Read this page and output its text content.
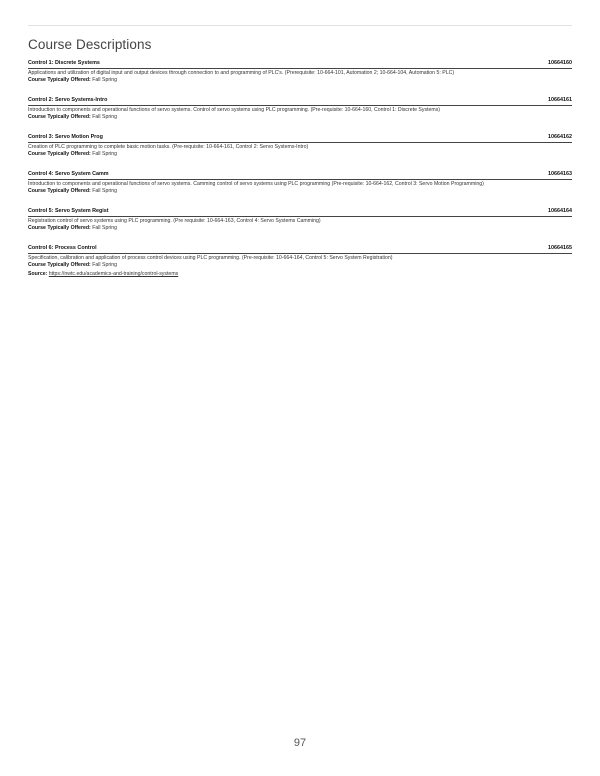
Course Descriptions
Control 1: Discrete Systems	10664160
Applications and utilization of digital input and output devices through connection to and programming of PLC's. (Prerequisite: 10-664-101, Automation 2; 10-664-104, Automation 5: PLC)
Course Typically Offered: Fall Spring
Control 2: Servo Systems-Intro	10664161
Introduction to components and operational functions of servo systems. Control of servo systems using PLC programming. (Pre-requisite: 10-664-160, Control 1: Discrete Systems)
Course Typically Offered: Fall Spring
Control 3: Servo Motion Prog	10664162
Creation of PLC programming to complete basic motion tasks. (Pre-requisite: 10-664-161, Control 2: Servo Systems-Intro)
Course Typically Offered: Fall Spring
Control 4: Servo System Camm	10664163
Introduction to components and operational functions of servo systems. Camming control of servo systems using PLC programming (Pre-requisite: 10-664-162, Control 3: Servo Motion Programming)
Course Typically Offered: Fall Spring
Control 5: Servo System Regist	10664164
Registration control of servo systems using PLC programming. (Pre requisite: 10-664-163, Control 4: Servo Systems Camming)
Course Typically Offered: Fall Spring
Control 6: Process Control	10664165
Specification, calibration and application of process control devices using PLC programming. (Pre-requisite: 10-664-164, Control 5: Servo System Registration)
Course Typically Offered: Fall Spring
Source: https://nwtc.edu/academics-and-training/control-systems
97
